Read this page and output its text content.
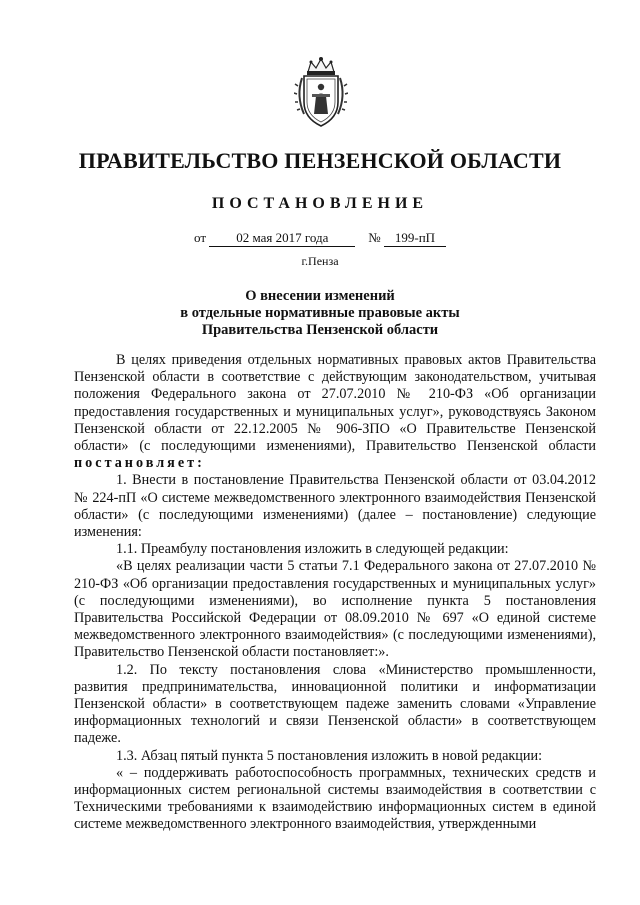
ПРАВИТЕЛЬСТВО ПЕНЗЕНСКОЙ ОБЛАСТИ
ПОСТАНОВЛЕНИЕ
от 02 мая 2017 года	№ 199-пП
г.Пенза
О внесении изменений
в отдельные нормативные правовые акты
Правительства Пензенской области

В целях приведения отдельных нормативных правовых актов Правительства Пензенской области в соответствие с действующим законодательством, учитывая положения Федерального закона от 27.07.2010 № 210-ФЗ «Об организации предоставления государственных и муниципальных услуг», руководствуясь Законом Пензенской области от 22.12.2005 № 906-ЗПО «О Правительстве Пензенской области» (с последующими изменениями), Правительство Пензенской области постановляет:

1. Внести в постановление Правительства Пензенской области от 03.04.2012 № 224-пП «О системе межведомственного электронного взаимодействия Пензенской области» (с последующими изменениями) (далее – постановление) следующие изменения:

1.1. Преамбулу постановления изложить в следующей редакции:

«В целях реализации части 5 статьи 7.1 Федерального закона от 27.07.2010 № 210-ФЗ «Об организации предоставления государственных и муниципальных услуг» (с последующими изменениями), во исполнение пункта 5 постановления Правительства Российской Федерации от 08.09.2010 № 697 «О единой системе межведомственного электронного взаимодействия» (с последующими изменениями), Правительство Пензенской области постановляет:».

1.2. По тексту постановления слова «Министерство промышленности, развития предпринимательства, инновационной политики и информатизации Пензенской области» в соответствующем падеже заменить словами «Управление информационных технологий и связи Пензенской области» в соответствующем падеже.

1.3. Абзац пятый пункта 5 постановления изложить в новой редакции:

« – поддерживать работоспособность программных, технических средств и информационных систем региональной системы взаимодействия в соответствии с Техническими требованиями к взаимодействию информационных систем в единой системе межведомственного электронного взаимодействия, утвержденными
